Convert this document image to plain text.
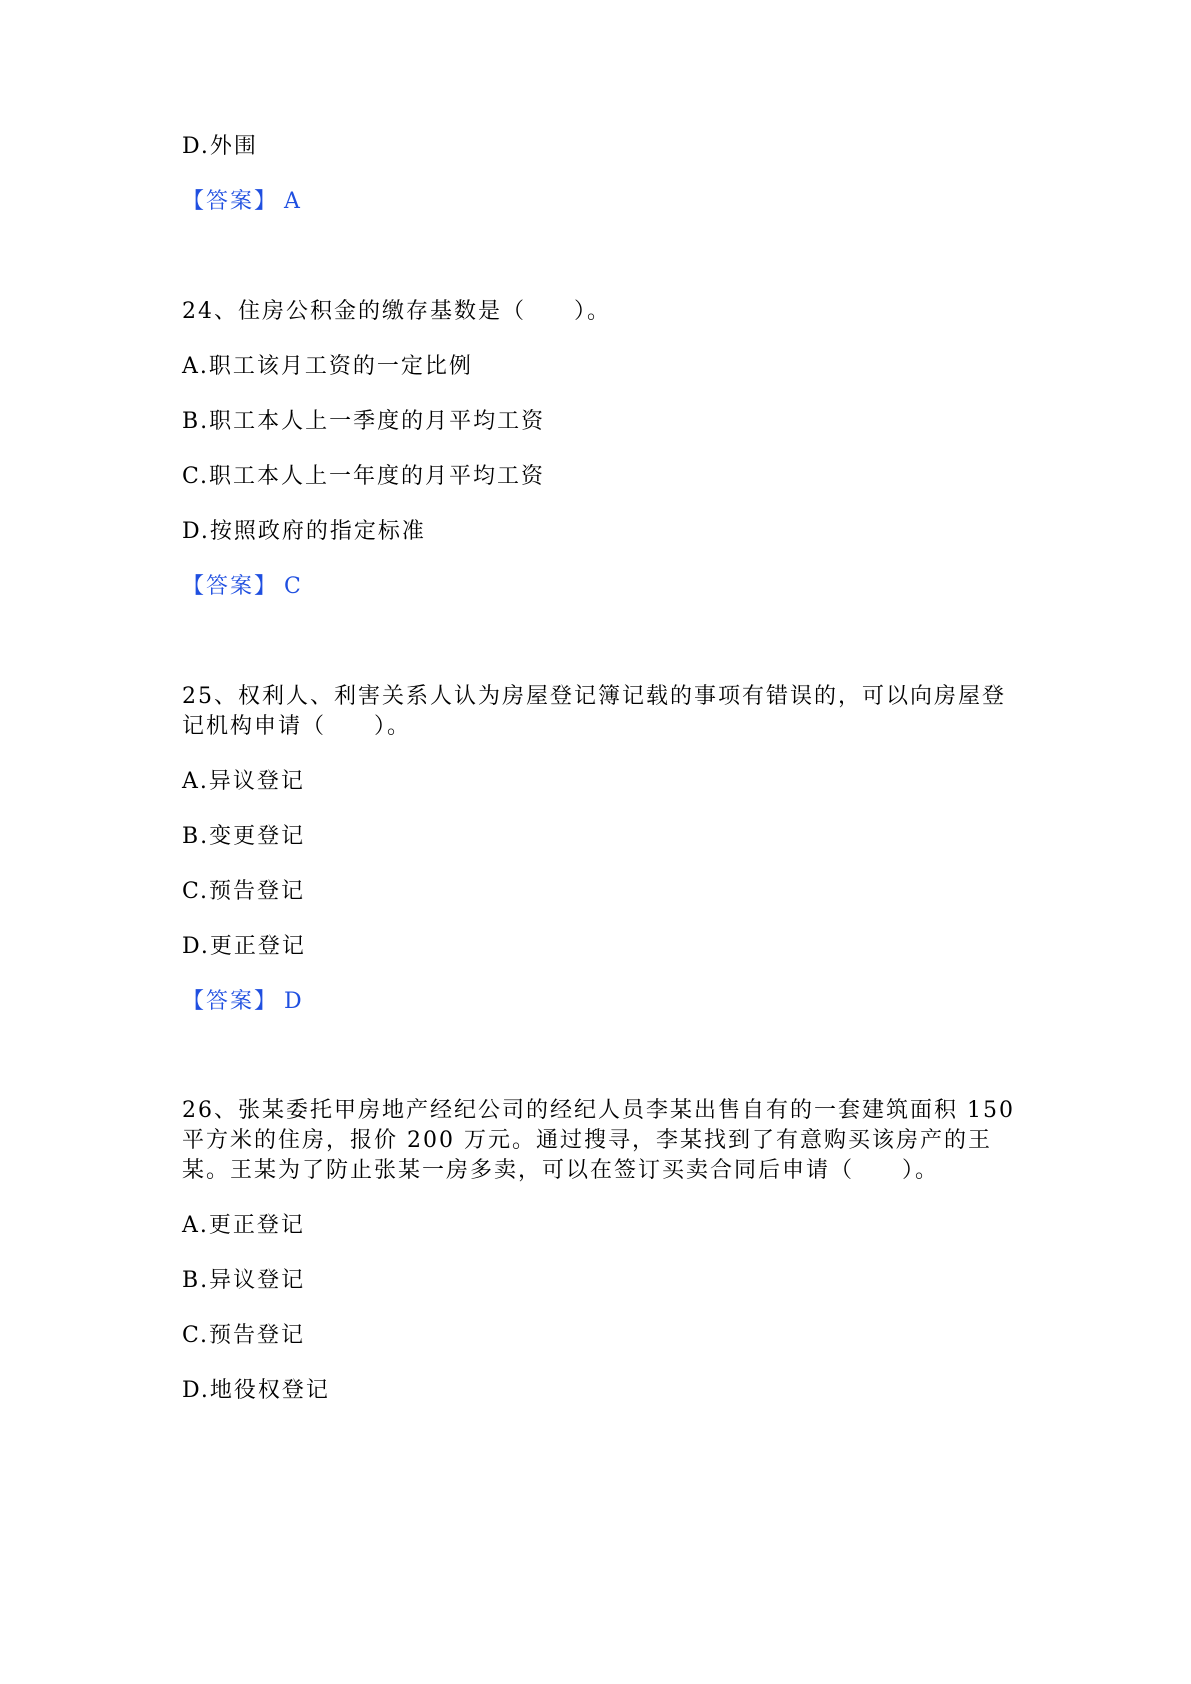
D.外围
【答案】 A
24、住房公积金的缴存基数是（　　）。
A.职工该月工资的一定比例
B.职工本人上一季度的月平均工资
C.职工本人上一年度的月平均工资
D.按照政府的指定标准
【答案】 C
25、权利人、利害关系人认为房屋登记簿记载的事项有错误的，可以向房屋登
记机构申请（　　）。
A.异议登记
B.变更登记
C.预告登记
D.更正登记
【答案】 D
26、张某委托甲房地产经纪公司的经纪人员李某出售自有的一套建筑面积 150
平方米的住房，报价 200 万元。通过搜寻，李某找到了有意购买该房产的王
某。王某为了防止张某一房多卖，可以在签订买卖合同后申请（　　）。
A.更正登记
B.异议登记
C.预告登记
D.地役权登记
